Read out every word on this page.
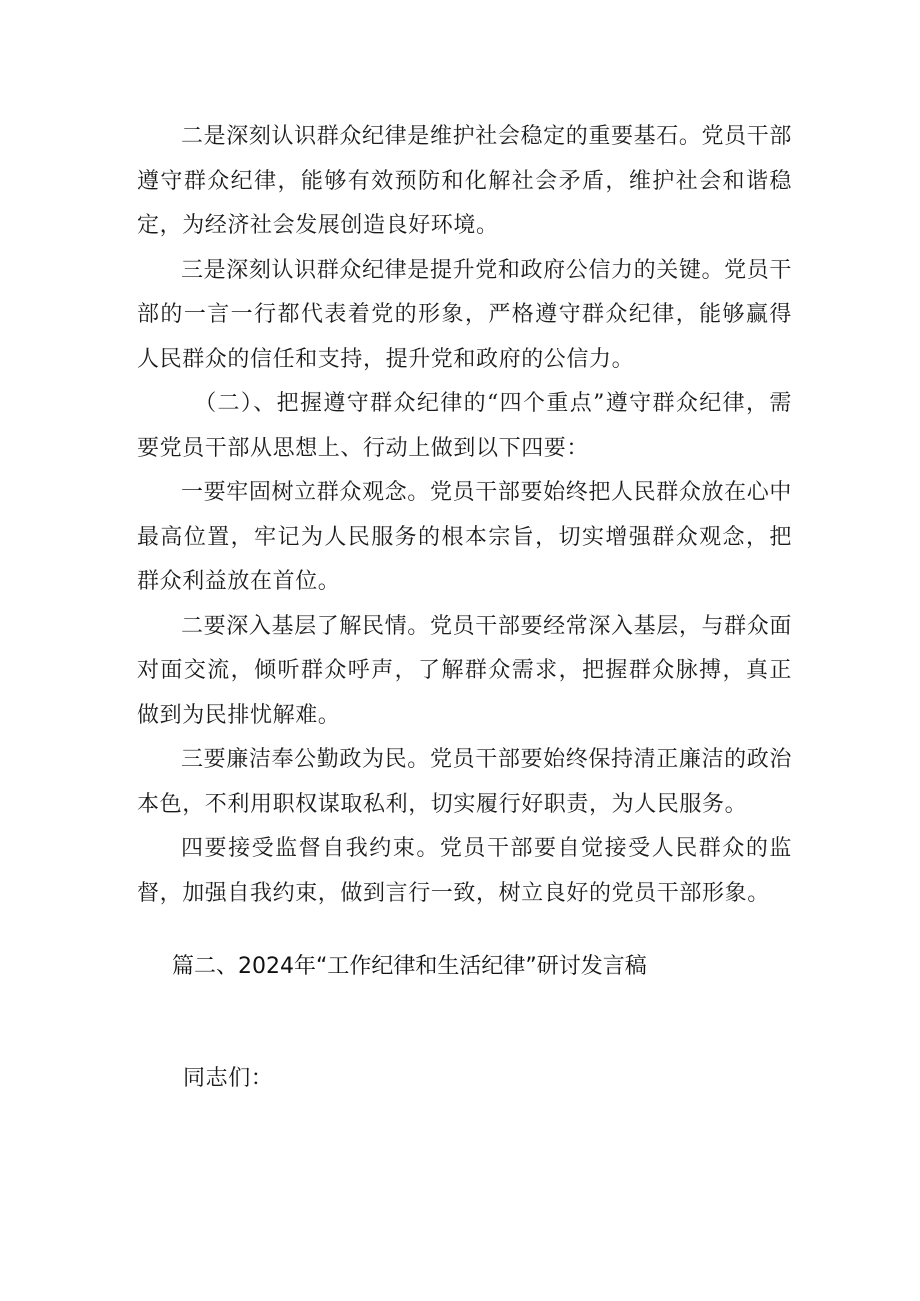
二是深刻认识群众纪律是维护社会稳定的重要基石。党员干部遵守群众纪律，能够有效预防和化解社会矛盾，维护社会和谐稳定，为经济社会发展创造良好环境。

三是深刻认识群众纪律是提升党和政府公信力的关键。党员干部的一言一行都代表着党的形象，严格遵守群众纪律，能够赢得人民群众的信任和支持，提升党和政府的公信力。

（二）、把握遵守群众纪律的“四个重点”遵守群众纪律，需要党员干部从思想上、行动上做到以下四要：

一要牢固树立群众观念。党员干部要始终把人民群众放在心中最高位置，牢记为人民服务的根本宗旨，切实增强群众观念，把群众利益放在首位。

二要深入基层了解民情。党员干部要经常深入基层，与群众面对面交流，倾听群众呼声，了解群众需求，把握群众脉搏，真正做到为民排忧解难。

三要廉洁奉公勤政为民。党员干部要始终保持清正廉洁的政治本色，不利用职权谋取私利，切实履行好职责，为人民服务。

四要接受监督自我约束。党员干部要自觉接受人民群众的监督，加强自我约束，做到言行一致，树立良好的党员干部形象。

篇二、2024年“工作纪律和生活纪律”研讨发言稿

同志们：
